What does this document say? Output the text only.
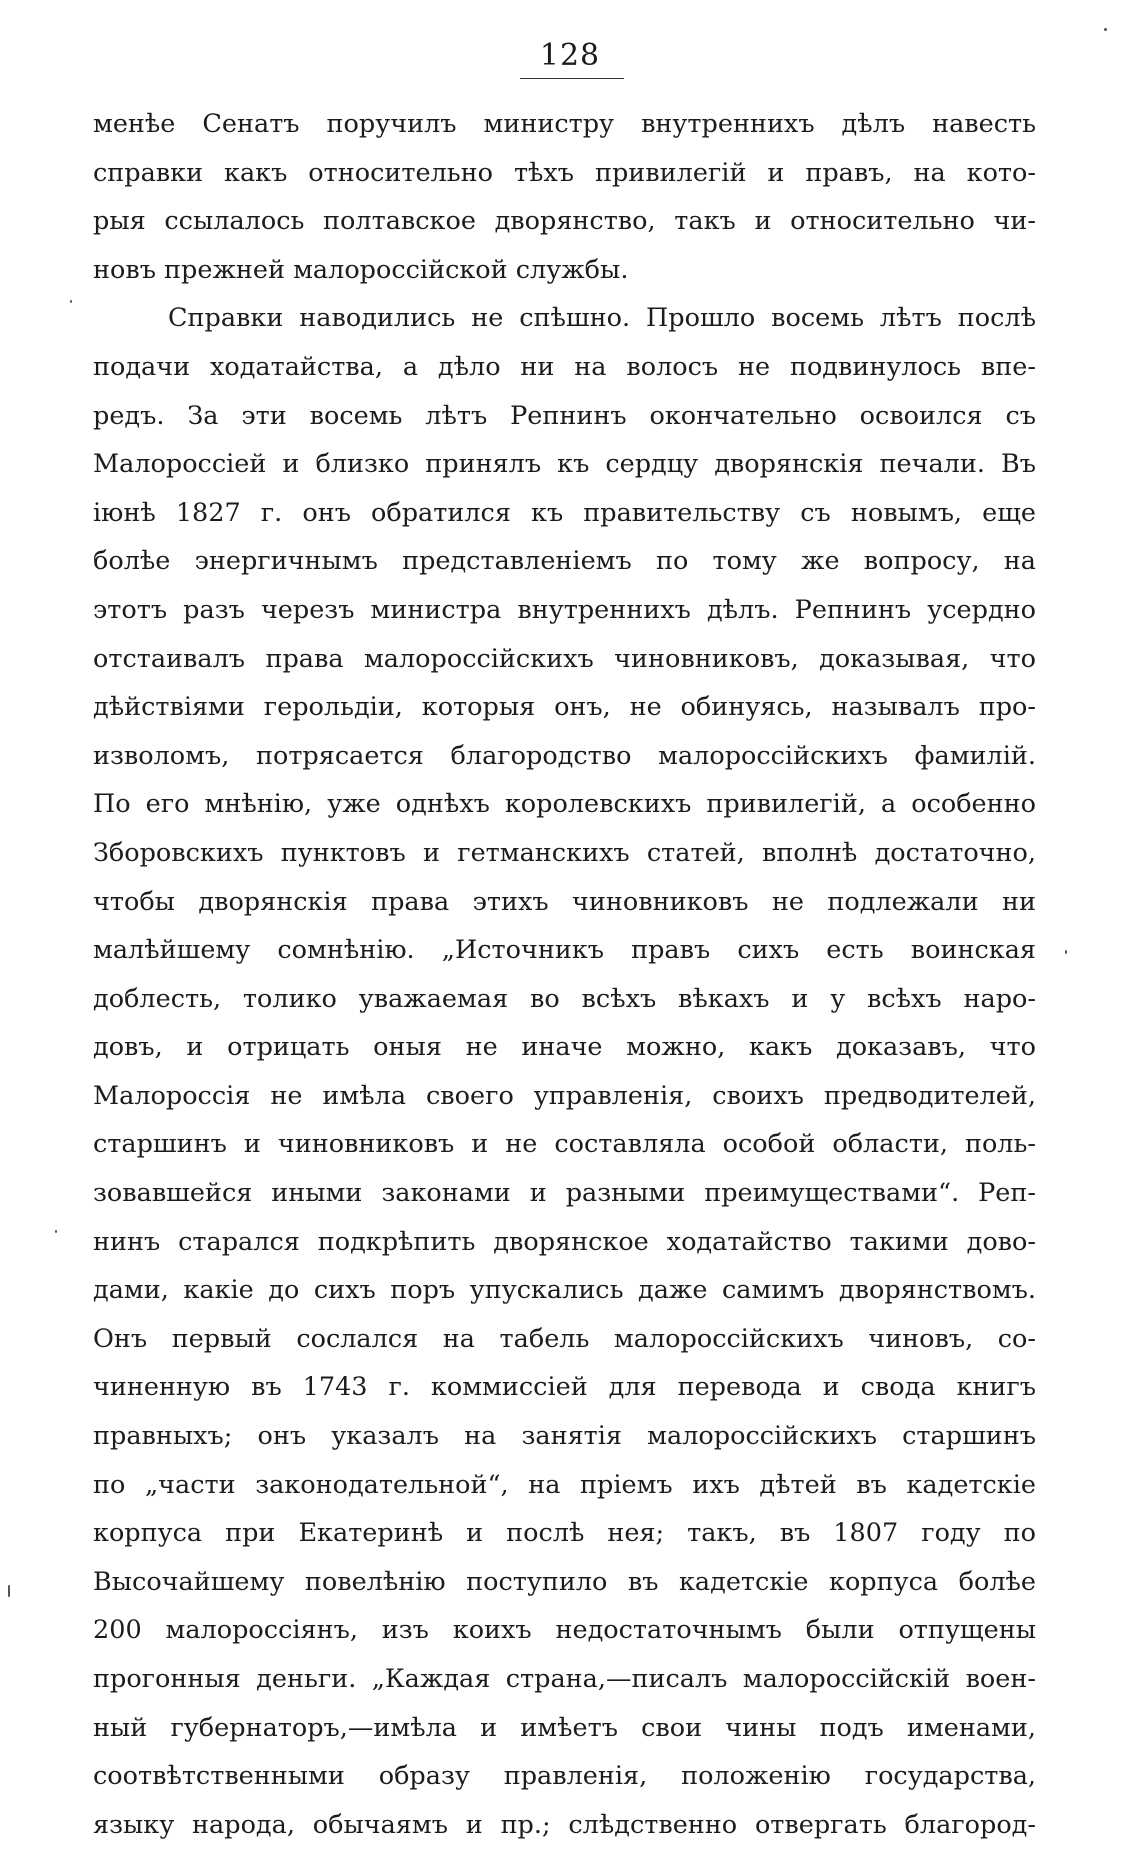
128
менѣе Сенатъ поручилъ министру внутреннихъ дѣлъ навесть
справки какъ относительно тѣхъ привилегій и правъ, на кото-
рыя ссылалось полтавское дворянство, такъ и относительно чи-
новъ прежней малороссійской службы.
Справки наводились не спѣшно. Прошло восемь лѣтъ послѣ
подачи ходатайства, а дѣло ни на волосъ не подвинулось впе-
редъ. За эти восемь лѣтъ Репнинъ окончательно освоился съ
Малороссіей и близко принялъ къ сердцу дворянскія печали. Въ
іюнѣ 1827 г. онъ обратился къ правительству съ новымъ, еще
болѣе энергичнымъ представленіемъ по тому же вопросу, на
этотъ разъ черезъ министра внутреннихъ дѣлъ. Репнинъ усердно
отстаивалъ права малороссійскихъ чиновниковъ, доказывая, что
дѣйствіями герольдіи, которыя онъ, не обинуясь, называлъ про-
изволомъ, потрясается благородство малороссійскихъ фамилій.
По его мнѣнію, уже однѣхъ королевскихъ привилегій, а особенно
Зборовскихъ пунктовъ и гетманскихъ статей, вполнѣ достаточно,
чтобы дворянскія права этихъ чиновниковъ не подлежали ни
малѣйшему сомнѣнію. „Источникъ правъ сихъ есть воинская
доблесть, толико уважаемая во всѣхъ вѣкахъ и у всѣхъ наро-
довъ, и отрицать оныя не иначе можно, какъ доказавъ, что
Малороссія не имѣла своего управленія, своихъ предводителей,
старшинъ и чиновниковъ и не составляла особой области, поль-
зовавшейся иными законами и разными преимуществами“. Реп-
нинъ старался подкрѣпить дворянское ходатайство такими дово-
дами, какіе до сихъ поръ упускались даже самимъ дворянствомъ.
Онъ первый сослался на табель малороссійскихъ чиновъ, со-
чиненную въ 1743 г. коммиссіей для перевода и свода книгъ
правныхъ; онъ указалъ на занятія малороссійскихъ старшинъ
по „части законодательной“, на пріемъ ихъ дѣтей въ кадетскіе
корпуса при Екатеринѣ и послѣ нея; такъ, въ 1807 году по
Высочайшему повелѣнію поступило въ кадетскіе корпуса болѣе
200 малороссіянъ, изъ коихъ недостаточнымъ были отпущены
прогонныя деньги. „Каждая страна,—писалъ малороссійскій воен-
ный губернаторъ,—имѣла и имѣетъ свои чины подъ именами,
соотвѣтственными образу правленія, положенію государства,
языку народа, обычаямъ и пр.; слѣдственно отвергать благород-
